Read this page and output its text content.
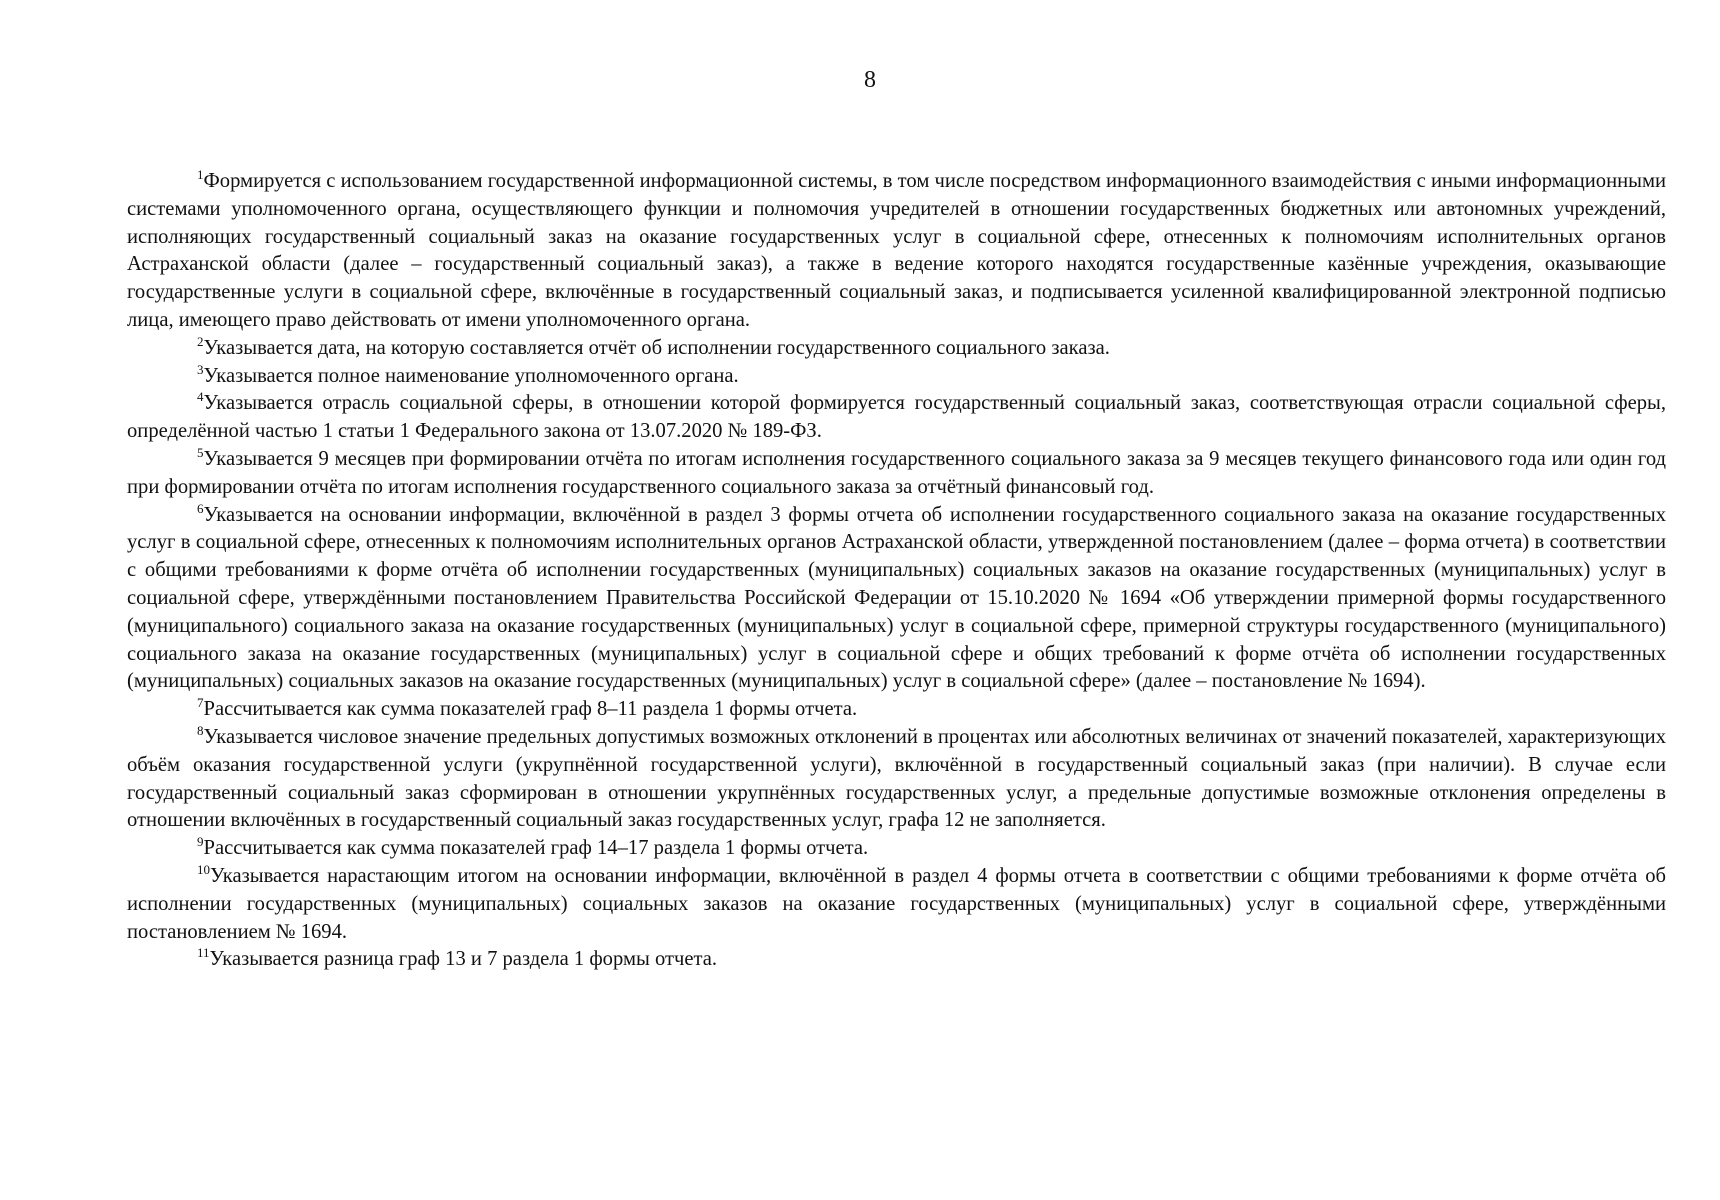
8

$^1$Формируется с использованием государственной информационной системы, в том числе посредством информационного взаимодействия с иными информационными системами уполномоченного органа, осуществляющего функции и полномочия учредителей в отношении государственных бюджетных или автономных учреждений, исполняющих государственный социальный заказ на оказание государственных услуг в социальной сфере, отнесенных к полномочиям исполнительных органов Астраханской области (далее – государственный социальный заказ), а также в ведение которого находятся государственные казённые учреждения, оказывающие государственные услуги в социальной сфере, включённые в государственный социальный заказ, и подписывается усиленной квалифицированной электронной подписью лица, имеющего право действовать от имени уполномоченного органа.

$^2$Указывается дата, на которую составляется отчёт об исполнении государственного социального заказа.

$^3$Указывается полное наименование уполномоченного органа.

$^4$Указывается отрасль социальной сферы, в отношении которой формируется государственный социальный заказ, соответствующая отрасли социальной сферы, определённой частью 1 статьи 1 Федерального закона от 13.07.2020 № 189-ФЗ.

$^5$Указывается 9 месяцев при формировании отчёта по итогам исполнения государственного социального заказа за 9 месяцев текущего финансового года или один год при формировании отчёта по итогам исполнения государственного социального заказа за отчётный финансовый год.

$^6$Указывается на основании информации, включённой в раздел 3 формы отчета об исполнении государственного социального заказа на оказание государственных услуг в социальной сфере, отнесенных к полномочиям исполнительных органов Астраханской области, утвержденной постановлением (далее – форма отчета) в соответствии с общими требованиями к форме отчёта об исполнении государственных (муниципальных) социальных заказов на оказание государственных (муниципальных) услуг в социальной сфере, утверждёнными постановлением Правительства Российской Федерации от 15.10.2020 № 1694 «Об утверждении примерной формы государственного (муниципального) социального заказа на оказание государственных (муниципальных) услуг в социальной сфере, примерной структуры государственного (муниципального) социального заказа на оказание государственных (муниципальных) услуг в социальной сфере и общих требований к форме отчёта об исполнении государственных (муниципальных) социальных заказов на оказание государственных (муниципальных) услуг в социальной сфере» (далее – постановление № 1694).

$^7$Рассчитывается как сумма показателей граф 8–11 раздела 1 формы отчета.

$^8$Указывается числовое значение предельных допустимых возможных отклонений в процентах или абсолютных величинах от значений показателей, характеризующих объём оказания государственной услуги (укрупнённой государственной услуги), включённой в государственный социальный заказ (при наличии). В случае если государственный социальный заказ сформирован в отношении укрупнённых государственных услуг, а предельные допустимые возможные отклонения определены в отношении включённых в государственный социальный заказ государственных услуг, графа 12 не заполняется.

$^9$Рассчитывается как сумма показателей граф 14–17 раздела 1 формы отчета.

$^{10}$Указывается нарастающим итогом на основании информации, включённой в раздел 4 формы отчета в соответствии с общими требованиями к форме отчёта об исполнении государственных (муниципальных) социальных заказов на оказание государственных (муниципальных) услуг в социальной сфере, утверждёнными постановлением № 1694.

$^{11}$Указывается разница граф 13 и 7 раздела 1 формы отчета.
